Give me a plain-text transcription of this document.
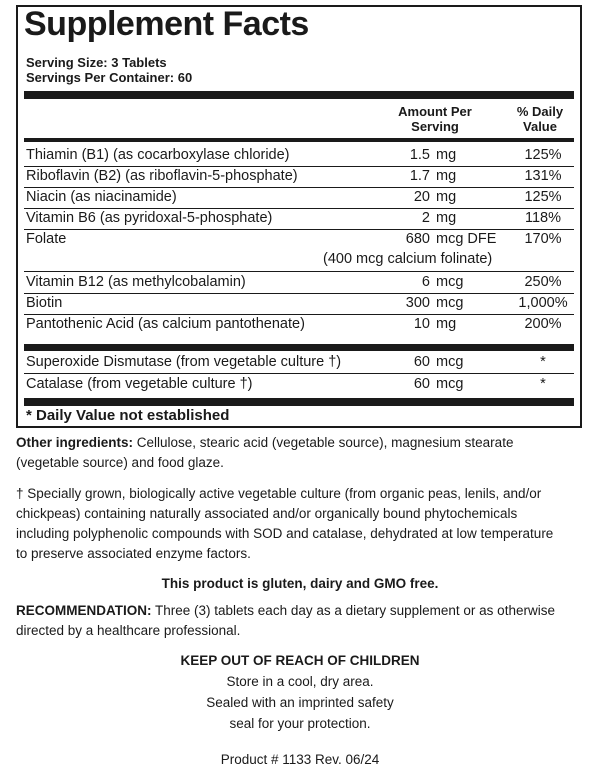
Supplement Facts
Serving Size: 3 Tablets
Servings Per Container: 60
Amount Per
Serving
% Daily
Value
Thiamin (B1) (as cocarboxylase chloride)	1.5 mg	125%
Riboflavin (B2) (as riboflavin-5-phosphate)	1.7 mg	131%
Niacin (as niacinamide)	20 mg	125%
Vitamin B6 (as pyridoxal-5-phosphate)	2 mg	118%
Folate	680 mcg DFE	170%
(400 mcg calcium folinate)
Vitamin B12 (as methylcobalamin)	6 mcg	250%
Biotin	300 mcg	1,000%
Pantothenic Acid (as calcium pantothenate)	10 mg	200%
Superoxide Dismutase (from vegetable culture †)	60 mcg	*
Catalase (from vegetable culture †)	60 mcg	*
* Daily Value not established
Other ingredients: Cellulose, stearic acid (vegetable source), magnesium stearate
(vegetable source) and food glaze.
† Specially grown, biologically active vegetable culture (from organic peas, lenils, and/or
chickpeas) containing naturally associated and/or organically bound phytochemicals
including polyphenolic compounds with SOD and catalase, dehydrated at low temperature
to preserve associated enzyme factors.
This product is gluten, dairy and GMO free.
RECOMMENDATION: Three (3) tablets each day as a dietary supplement or as otherwise
directed by a healthcare professional.
KEEP OUT OF REACH OF CHILDREN
Store in a cool, dry area.
Sealed with an imprinted safety
seal for your protection.
Product # 1133 Rev. 06/24
